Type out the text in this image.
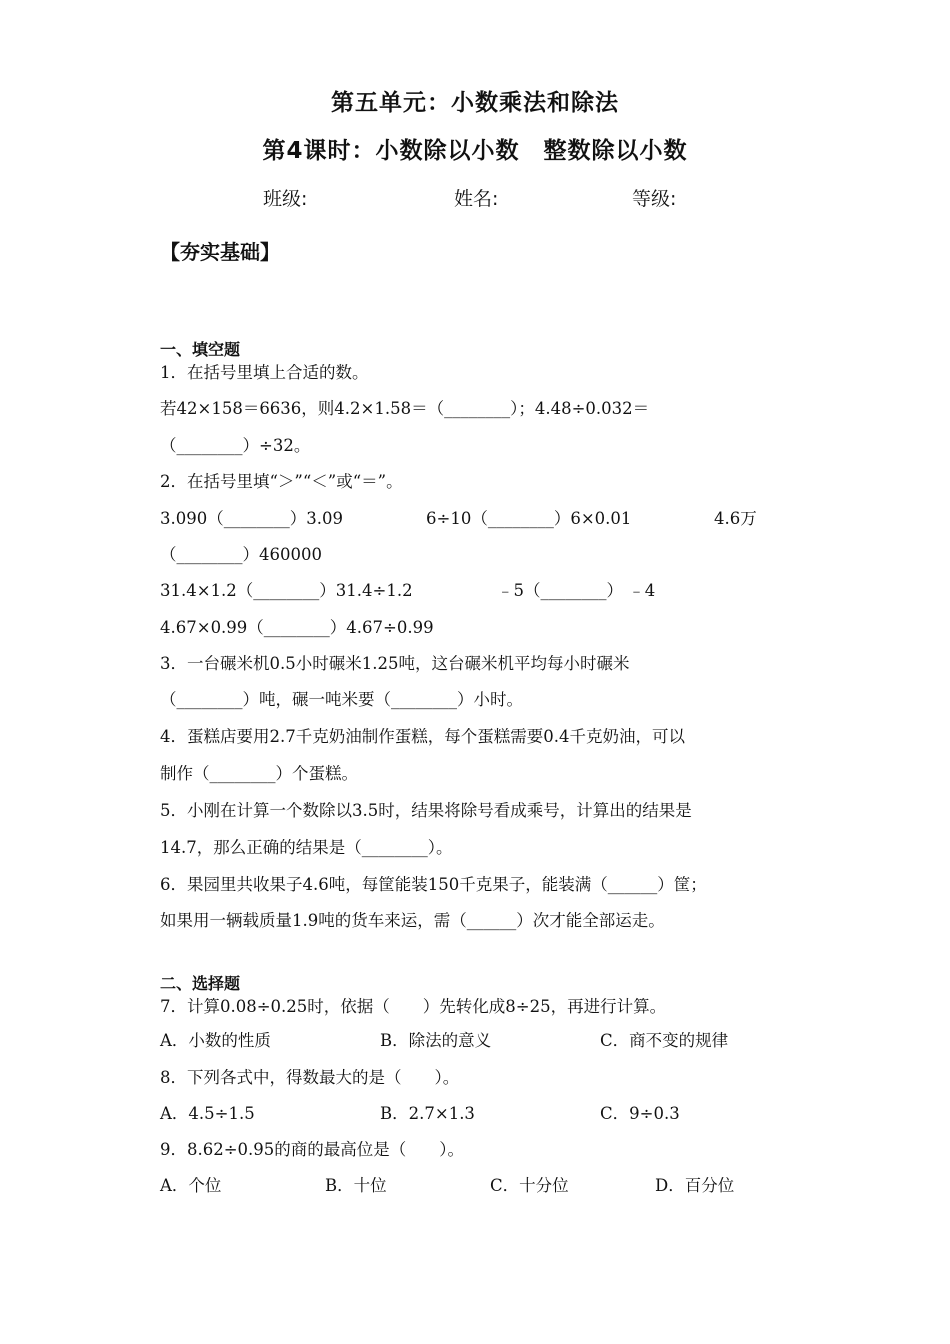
第五单元：小数乘法和除法
第4课时：小数除以小数　整数除以小数
班级:	姓名:	等级:
【夯实基础】
一、填空题
1．在括号里填上合适的数。
若42×158＝6636，则4.2×1.58＝（________）；4.48÷0.032＝
（________）÷32。
2．在括号里填“＞”“＜”或“＝”。
3.090（________）3.09	6÷10（________）6×0.01	4.6万
（________）460000
31.4×1.2（________）31.4÷1.2	﹣5（________） ﹣4
4.67×0.99（________）4.67÷0.99
3．一台碾米机0.5小时碾米1.25吨，这台碾米机平均每小时碾米
（________）吨，碾一吨米要（________）小时。
4．蛋糕店要用2.7千克奶油制作蛋糕，每个蛋糕需要0.4千克奶油，可以
制作（________）个蛋糕。
5．小刚在计算一个数除以3.5时，结果将除号看成乘号，计算出的结果是
14.7，那么正确的结果是（________）。
6．果园里共收果子4.6吨，每筐能装150千克果子，能装满（______）筐；
如果用一辆载质量1.9吨的货车来运，需（______）次才能全部运走。
二、选择题
7．计算0.08÷0.25时，依据（　　）先转化成8÷25，再进行计算。
A．小数的性质	B．除法的意义	C．商不变的规律
8．下列各式中，得数最大的是（　　）。
A．4.5÷1.5	B．2.7×1.3	C．9÷0.3
9．8.62÷0.95的商的最高位是（　　）。
A．个位	B．十位	C．十分位	D．百分位
